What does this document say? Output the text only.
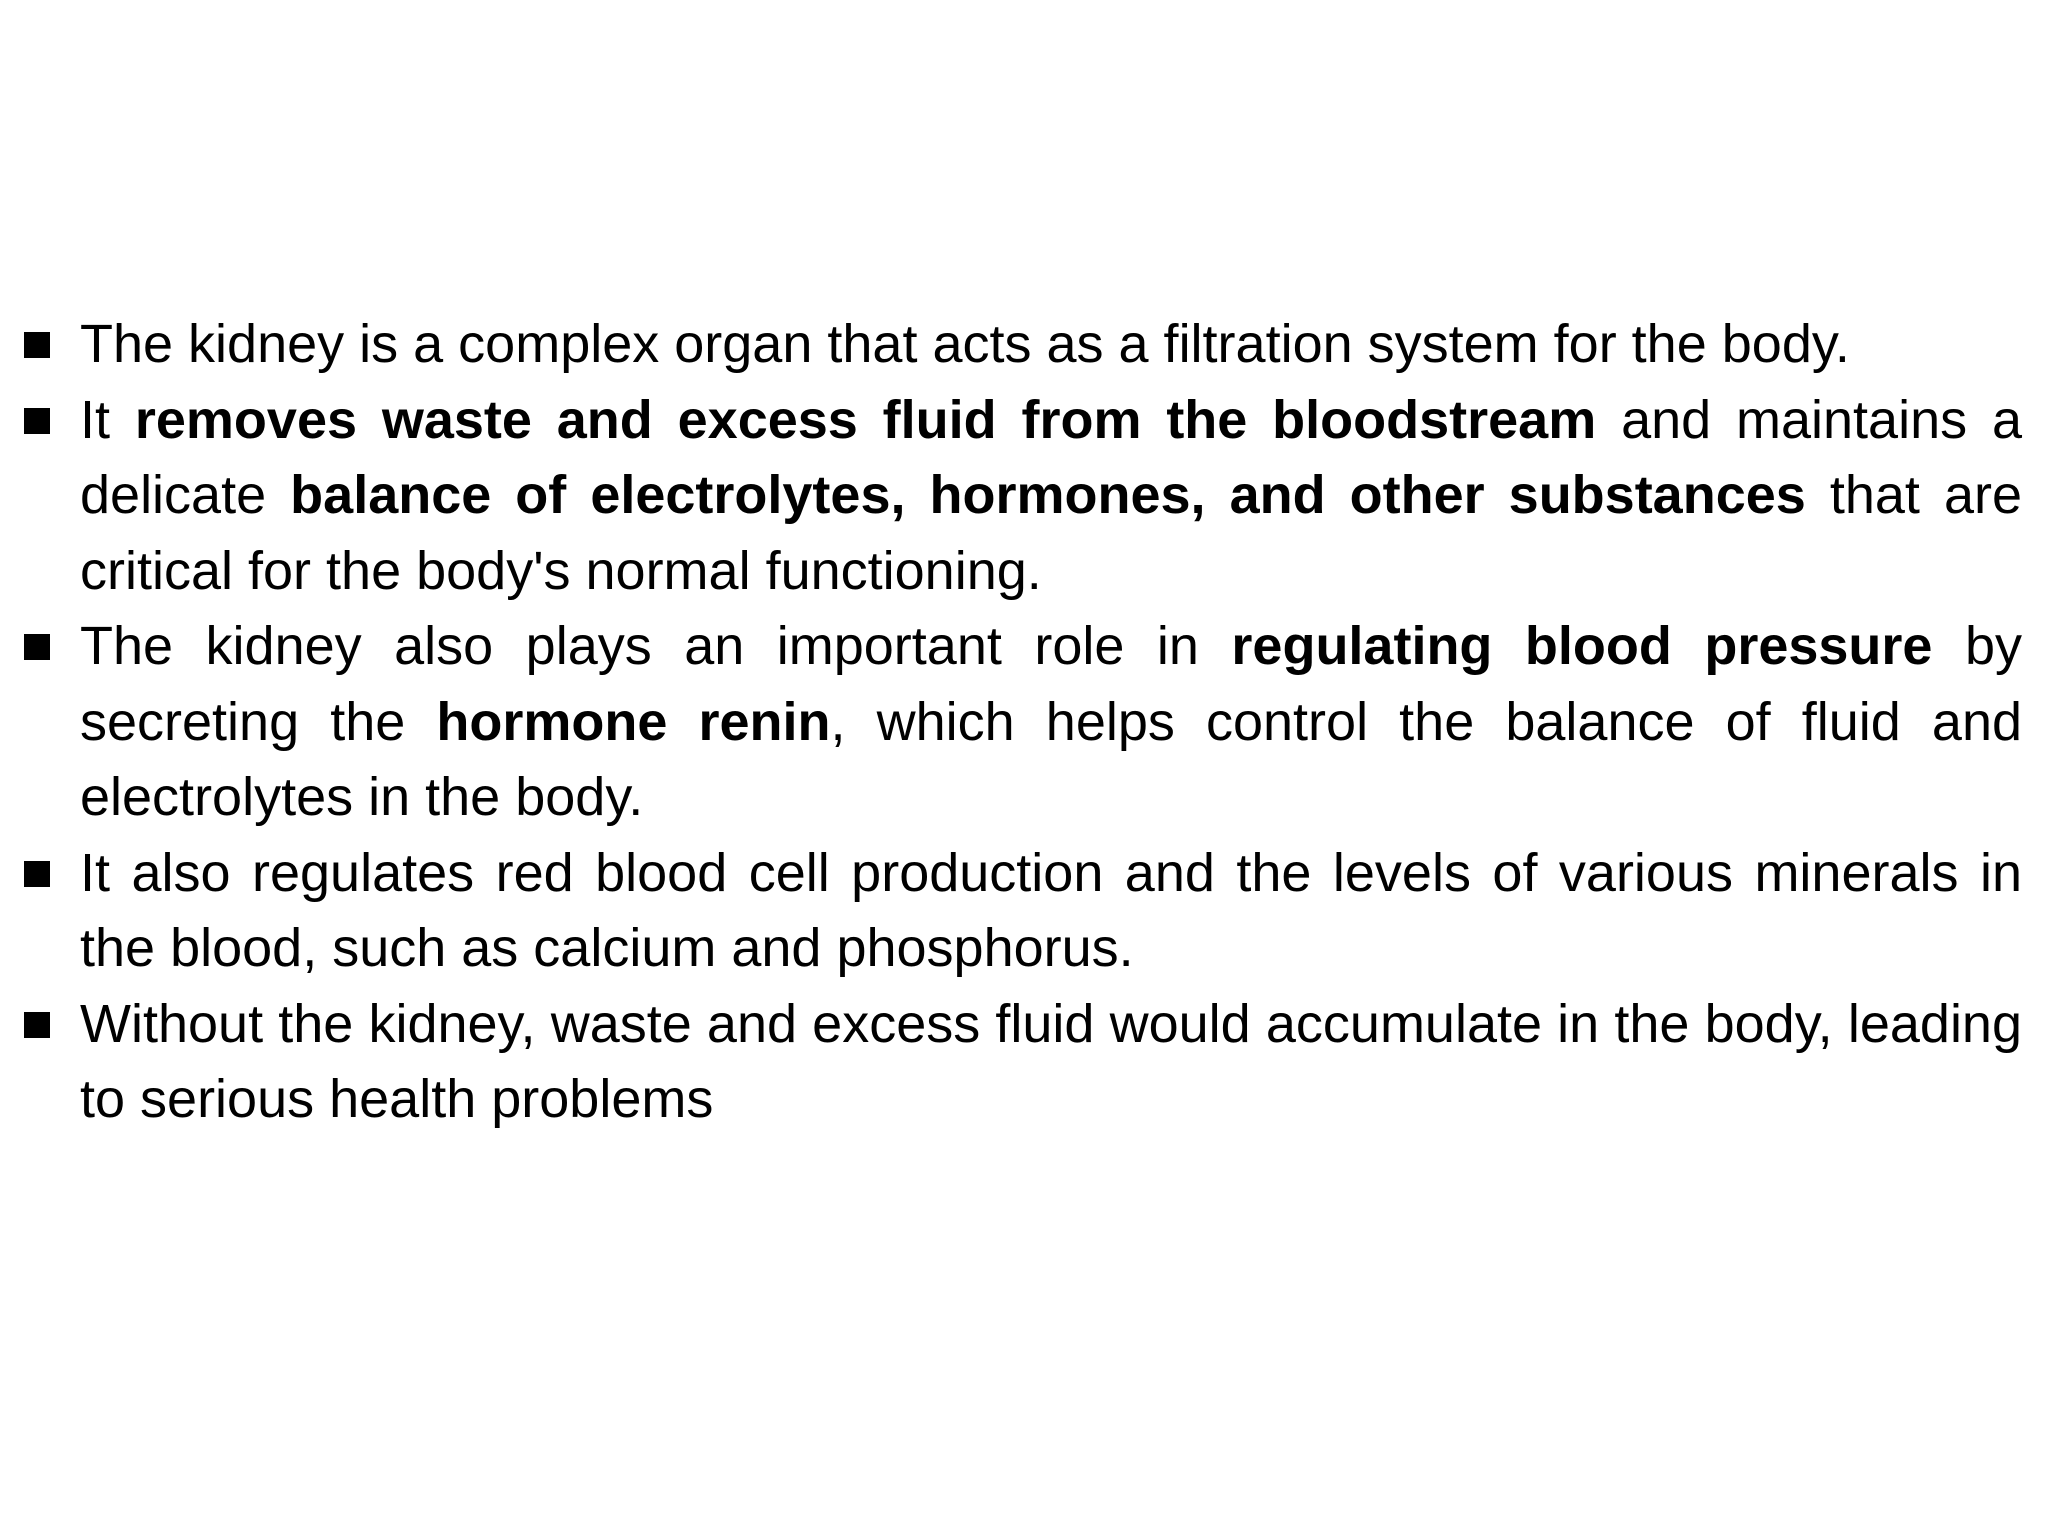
The kidney is a complex organ that acts as a filtration system for the body.
It removes waste and excess fluid from the bloodstream and maintains a delicate balance of electrolytes, hormones, and other substances that are critical for the body's normal functioning.
The kidney also plays an important role in regulating blood pressure by secreting the hormone renin, which helps control the balance of fluid and electrolytes in the body.
It also regulates red blood cell production and the levels of various minerals in the blood, such as calcium and phosphorus.
Without the kidney, waste and excess fluid would accumulate in the body, leading to serious health problems
